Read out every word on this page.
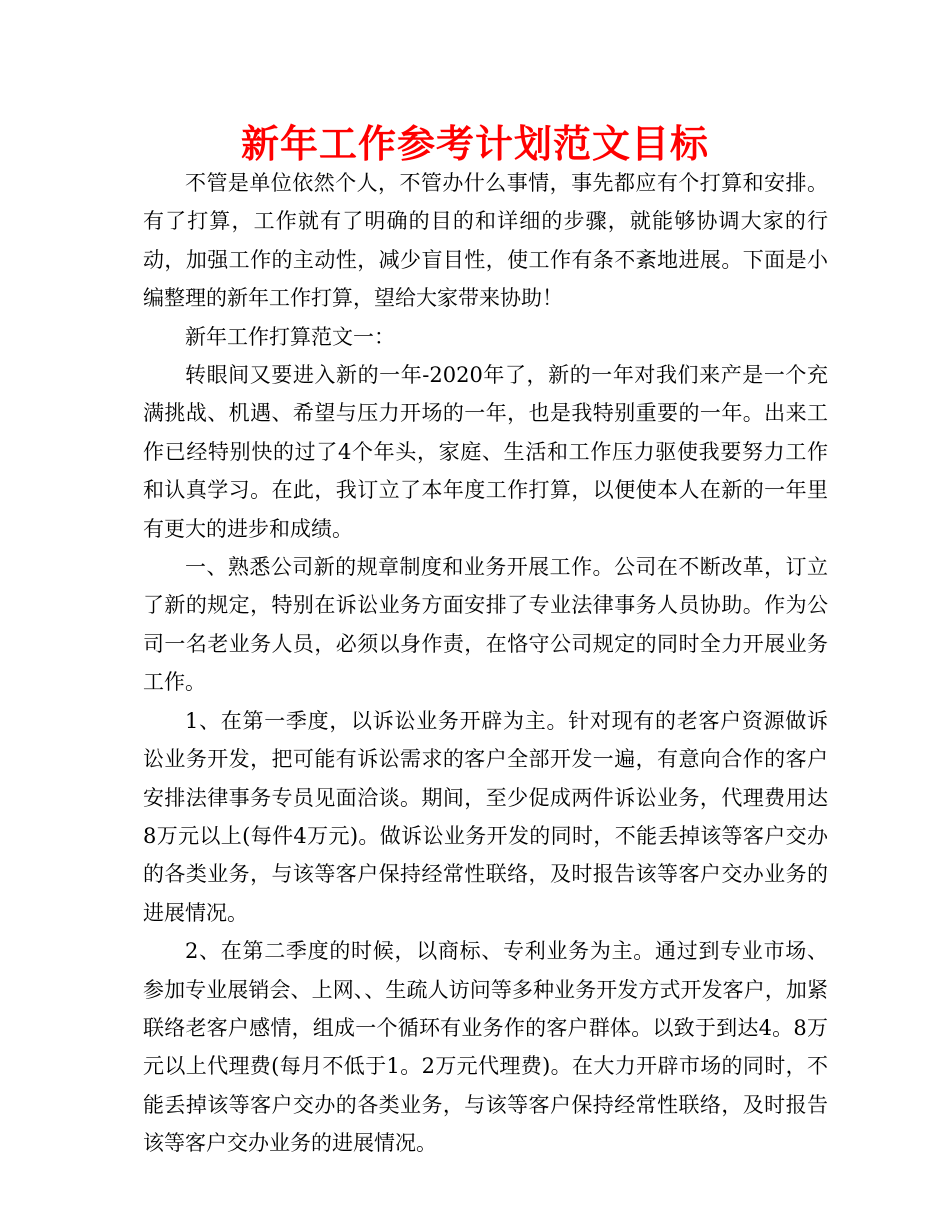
新年工作参考计划范文目标

不管是单位依然个人，不管办什么事情，事先都应有个打算和安排。有了打算，工作就有了明确的目的和详细的步骤，就能够协调大家的行动，加强工作的主动性，减少盲目性，使工作有条不紊地进展。下面是小编整理的新年工作打算，望给大家带来协助！

新年工作打算范文一：

转眼间又要进入新的一年-2020年了，新的一年对我们来产是一个充满挑战、机遇、希望与压力开场的一年，也是我特别重要的一年。出来工作已经特别快的过了4个年头，家庭、生活和工作压力驱使我要努力工作和认真学习。在此，我订立了本年度工作打算，以便使本人在新的一年里有更大的进步和成绩。

一、熟悉公司新的规章制度和业务开展工作。公司在不断改革，订立了新的规定，特别在诉讼业务方面安排了专业法律事务人员协助。作为公司一名老业务人员，必须以身作责，在恪守公司规定的同时全力开展业务工作。

1、在第一季度，以诉讼业务开辟为主。针对现有的老客户资源做诉讼业务开发，把可能有诉讼需求的客户全部开发一遍，有意向合作的客户安排法律事务专员见面洽谈。期间，至少促成两件诉讼业务，代理费用达8万元以上(每件4万元)。做诉讼业务开发的同时，不能丢掉该等客户交办的各类业务，与该等客户保持经常性联络，及时报告该等客户交办业务的进展情况。

2、在第二季度的时候，以商标、专利业务为主。通过到专业市场、参加专业展销会、上网、、生疏人访问等多种业务开发方式开发客户，加紧联络老客户感情，组成一个循环有业务作的客户群体。以致于到达4。8万元以上代理费(每月不低于1。2万元代理费)。在大力开辟市场的同时，不能丢掉该等客户交办的各类业务，与该等客户保持经常性联络，及时报告该等客户交办业务的进展情况。
